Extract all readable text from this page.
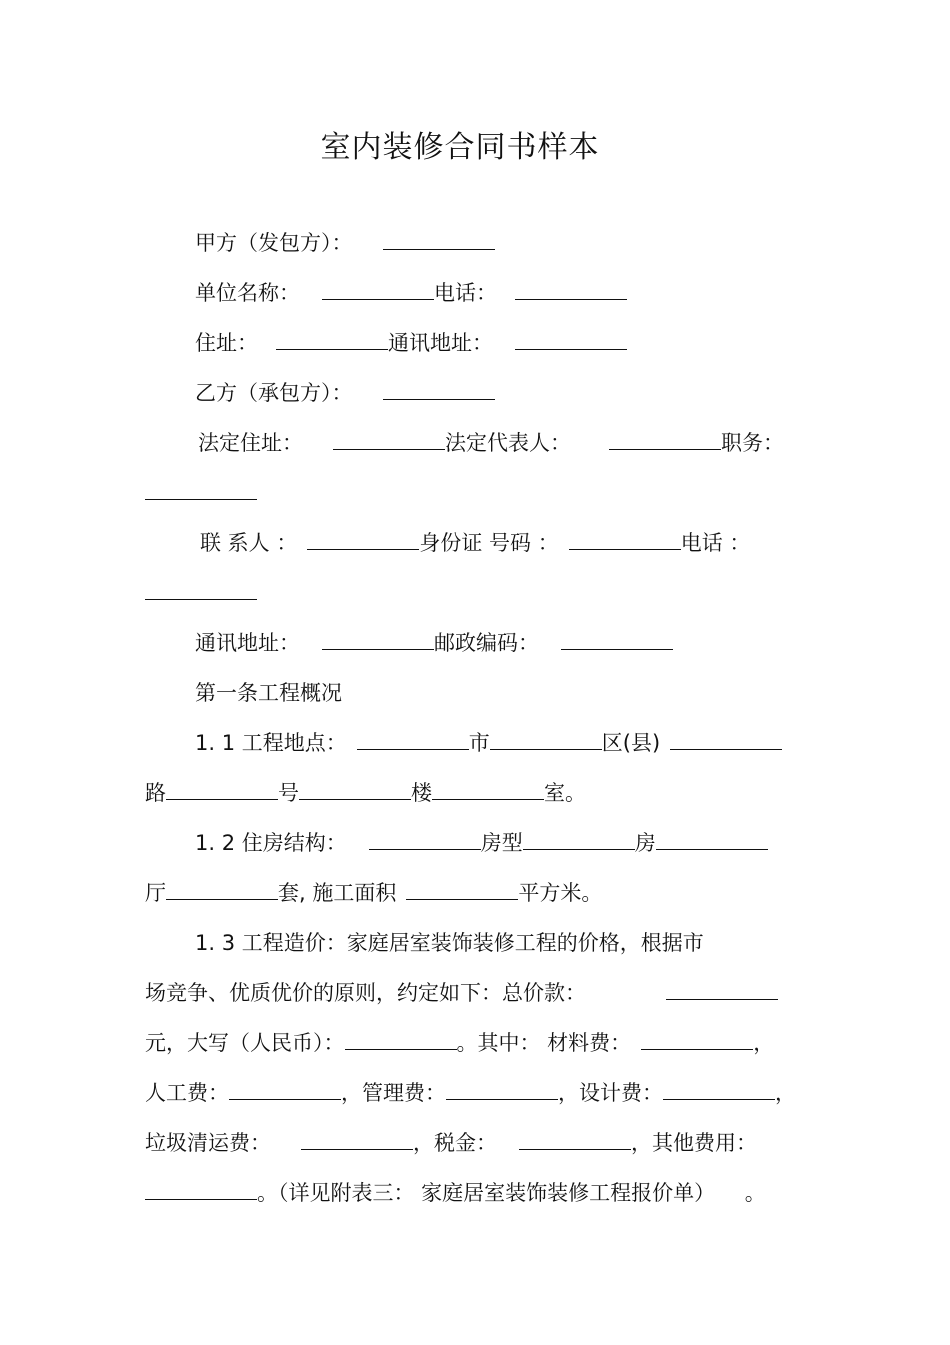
室内装修合同书样本
甲方（发包方）：
单位名称：	电话：
住址：	通讯地址：
乙方（承包方）：
法定住址：	法定代表人：	职务：
联 系人 ：	身份证 号码 ：	电话 ：
通讯地址：	邮政编码：
第一条工程概况
1. 1 工程地点：	市	区(县)
路	号	楼	室。
1. 2 住房结构：	房型	房
厅	套, 施工面积	平方米。
1. 3 工程造价：家庭居室装饰装修工程的价格，根据市
场竞争、优质优价的原则，约定如下：总价款：
元，大写（人民币）：	。其中： 材料费：	，
人工费：	，管理费：	，设计费：	，
垃圾清运费：	，税金：	，其他费用：
。（详见附表三： 家庭居室装饰装修工程报价单） 。
